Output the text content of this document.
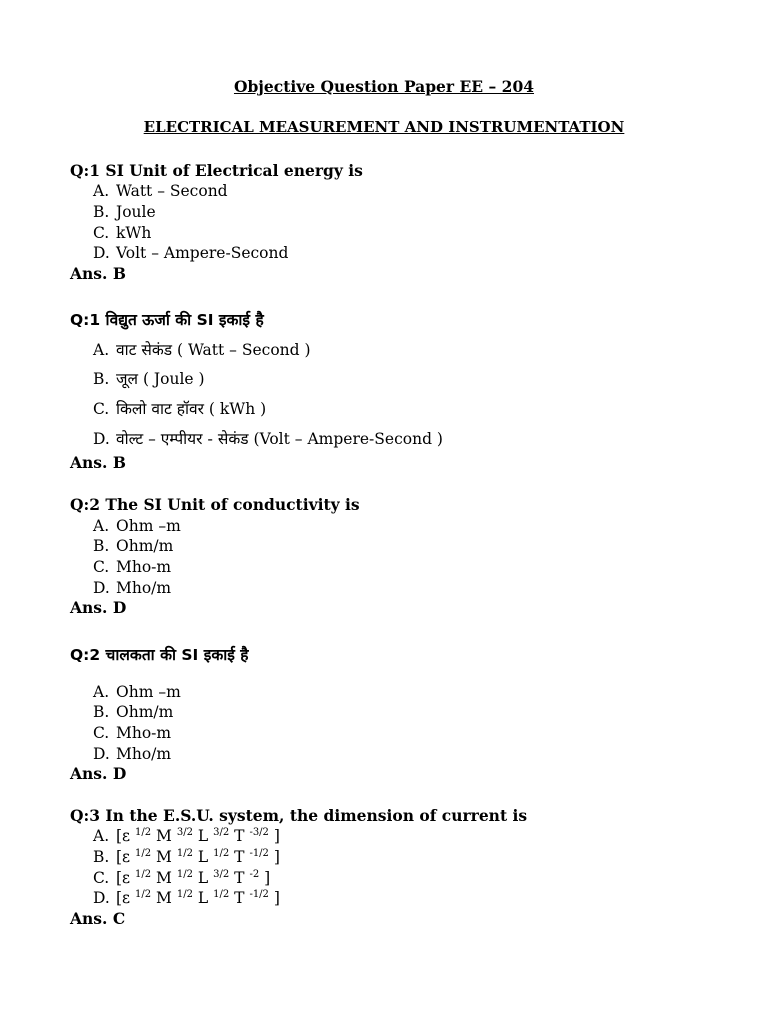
Objective Question Paper EE – 204
ELECTRICAL MEASUREMENT AND INSTRUMENTATION
Q:1 SI Unit of Electrical energy is
A. Watt – Second
B. Joule
C. kWh
D. Volt – Ampere-Second
Ans. B
Q:1 विद्युत ऊर्जा की SI इकाई है
A. वाट सेकंड ( Watt – Second )
B. जूल ( Joule )
C. किलो वाट हॉवर ( kWh )
D. वोल्ट – एम्पीयर - सेकंड (Volt – Ampere-Second )
Ans. B
Q:2 The SI Unit of conductivity is
A. Ohm –m
B. Ohm/m
C. Mho-m
D. Mho/m
Ans. D
Q:2 चालकता की SI इकाई है
A. Ohm –m
B. Ohm/m
C. Mho-m
D. Mho/m
Ans. D
Q:3 In the E.S.U. system, the dimension of current is
A. [ε $^{1/2}$ M $^{3/2}$ L $^{3/2}$ T $^{-3/2}$ ]
B. [ε $^{1/2}$ M $^{1/2}$ L $^{1/2}$ T $^{-1/2}$ ]
C. [ε $^{1/2}$ M $^{1/2}$ L $^{3/2}$ T $^{-2}$ ]
D. [ε $^{1/2}$ M $^{1/2}$ L $^{1/2}$ T $^{-1/2}$ ]
Ans. C
